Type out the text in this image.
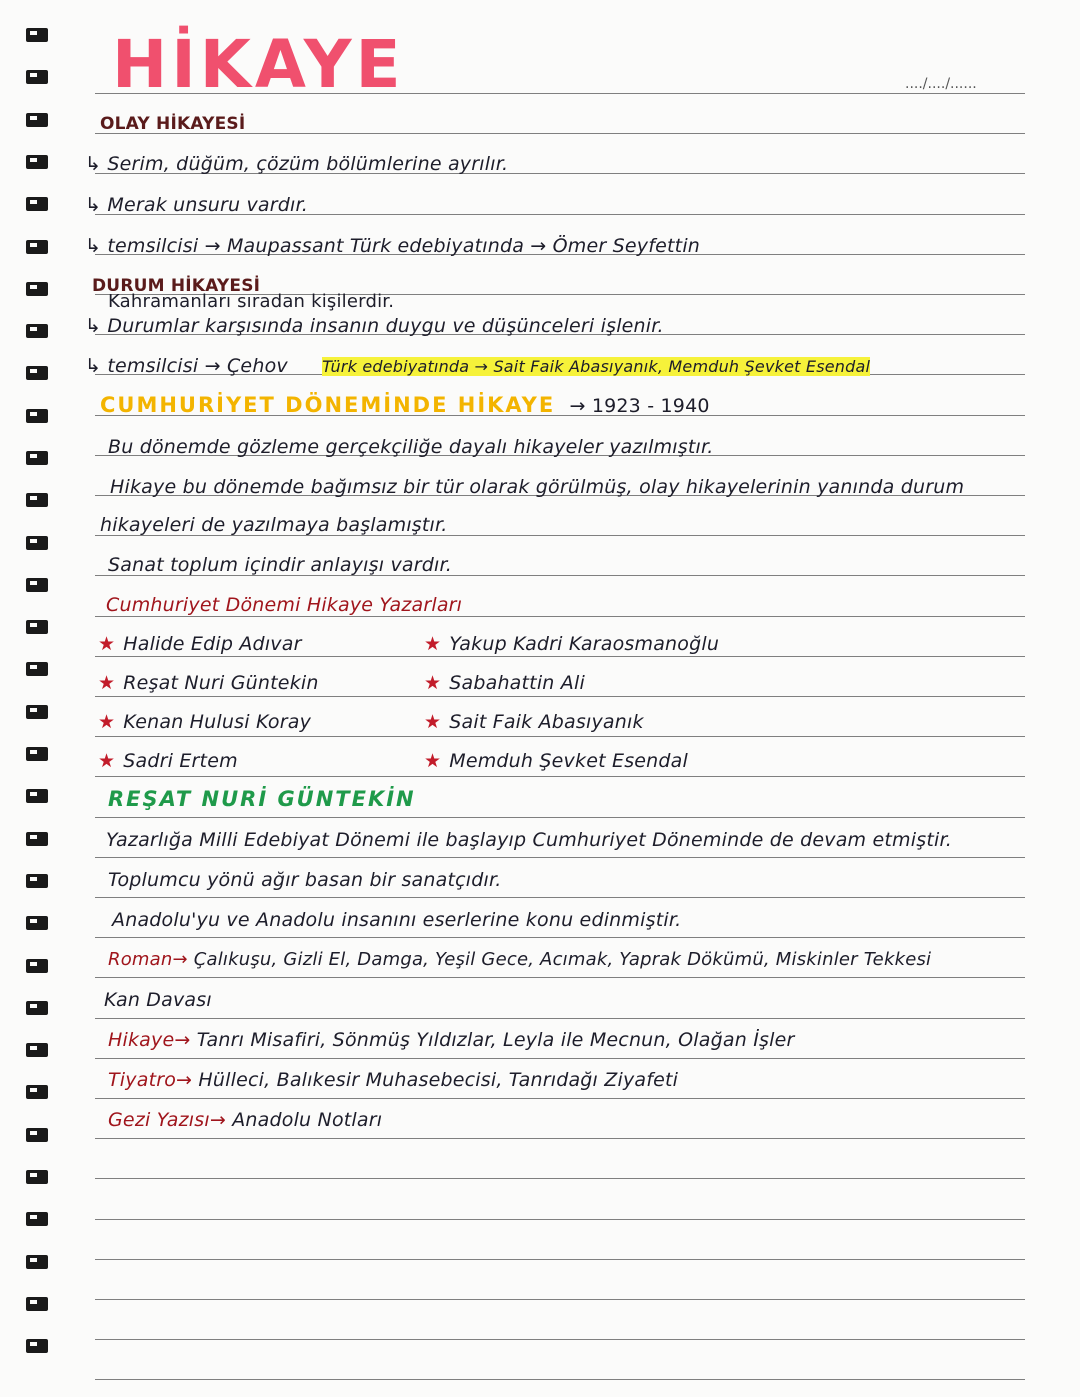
HİKAYE	..../..../......
OLAY HİKAYESİ
↳ Serim, düğüm, çözüm bölümlerine ayrılır.
↳ Merak unsuru vardır.
↳ temsilcisi → Maupassant Türk edebiyatında → Ömer Seyfettin
DURUM HİKAYESİ
Kahramanları sıradan kişilerdir.
↳ Durumlar karşısında insanın duygu ve düşünceleri işlenir.
↳ temsilcisi → Çehov Türk edebiyatında → Sait Faik Abasıyanık, Memduh Şevket Esendal
CUMHURİYET DÖNEMİNDE HİKAYE → 1923 - 1940
Bu dönemde gözleme gerçekçiliğe dayalı hikayeler yazılmıştır.
Hikaye bu dönemde bağımsız bir tür olarak görülmüş, olay hikayelerinin yanında durum
hikayeleri de yazılmaya başlamıştır.
Sanat toplum içindir anlayışı vardır.
Cumhuriyet Dönemi Hikaye Yazarları
★ Halide Edip Adıvar
★ Reşat Nuri Güntekin
★ Kenan Hulusi Koray
★ Sadri Ertem
★ Yakup Kadri Karaosmanoğlu
★ Sabahattin Ali
★ Sait Faik Abasıyanık
★ Memduh Şevket Esendal
REŞAT NURİ GÜNTEKİN
Yazarlığa Milli Edebiyat Dönemi ile başlayıp Cumhuriyet Döneminde de devam etmiştir.
Toplumcu yönü ağır basan bir sanatçıdır.
Anadolu'yu ve Anadolu insanını eserlerine konu edinmiştir.
Roman→ Çalıkuşu, Gizli El, Damga, Yeşil Gece, Acımak, Yaprak Dökümü, Miskinler Tekkesi
Kan Davası
Hikaye→ Tanrı Misafiri, Sönmüş Yıldızlar, Leyla ile Mecnun, Olağan İşler
Tiyatro→ Hülleci, Balıkesir Muhasebecisi, Tanrıdağı Ziyafeti
Gezi Yazısı→ Anadolu Notları
